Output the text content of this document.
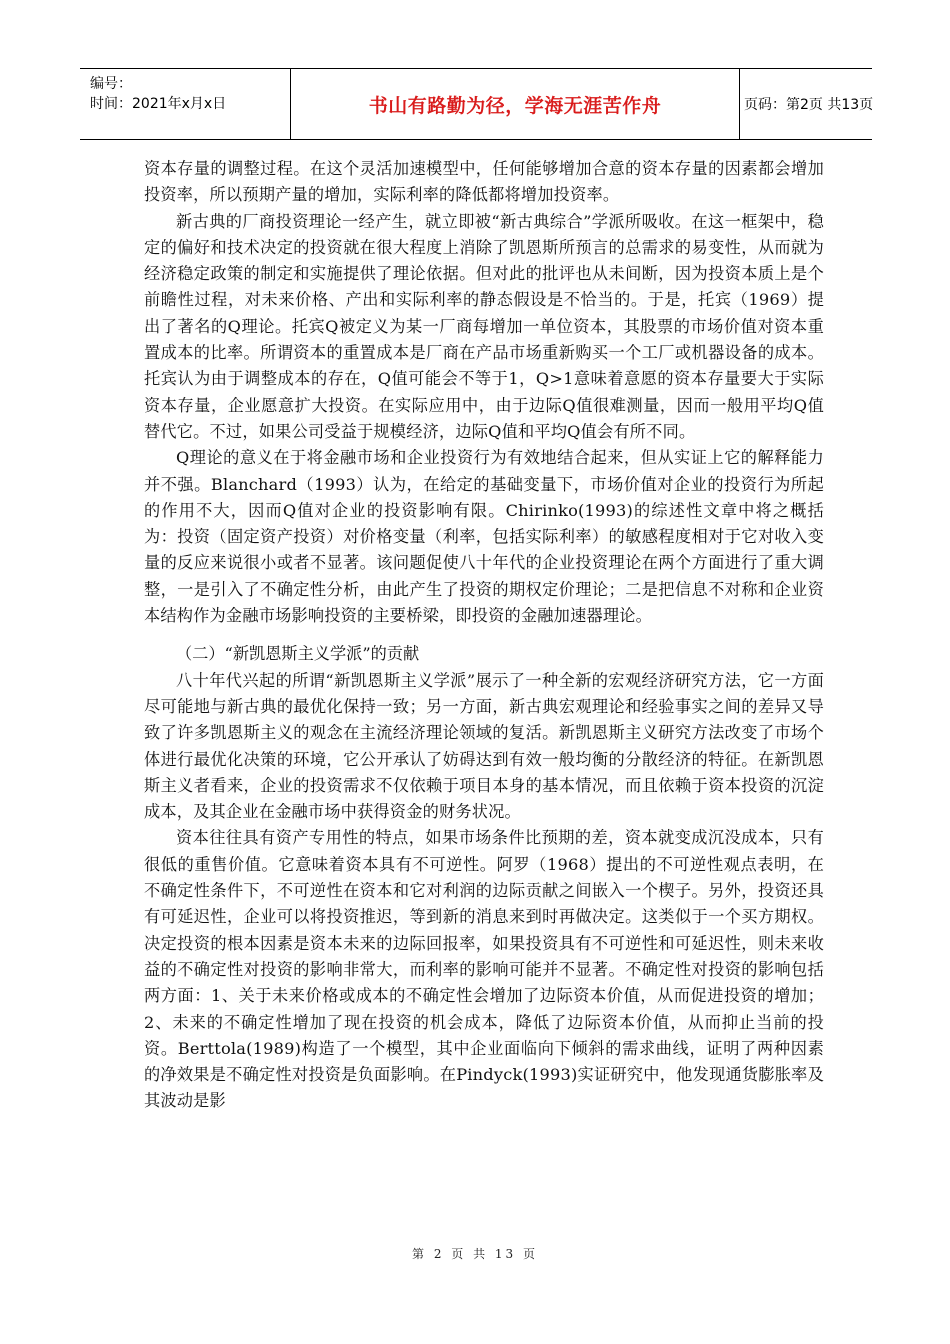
编号：
时间：2021年x月x日	书山有路勤为径，学海无涯苦作舟	页码：第2页 共13页

资本存量的调整过程。在这个灵活加速模型中，任何能够增加合意的资本存量的因素都会增加投资率，所以预期产量的增加，实际利率的降低都将增加投资率。

新古典的厂商投资理论一经产生，就立即被“新古典综合”学派所吸收。在这一框架中，稳定的偏好和技术决定的投资就在很大程度上消除了凯恩斯所预言的总需求的易变性，从而就为经济稳定政策的制定和实施提供了理论依据。但对此的批评也从未间断，因为投资本质上是个前瞻性过程，对未来价格、产出和实际利率的静态假设是不恰当的。于是，托宾（1969）提出了著名的Q理论。托宾Q被定义为某一厂商每增加一单位资本，其股票的市场价值对资本重置成本的比率。所谓资本的重置成本是厂商在产品市场重新购买一个工厂或机器设备的成本。托宾认为由于调整成本的存在，Q值可能会不等于1，Q>1意味着意愿的资本存量要大于实际资本存量，企业愿意扩大投资。在实际应用中，由于边际Q值很难测量，因而一般用平均Q值替代它。不过，如果公司受益于规模经济，边际Q值和平均Q值会有所不同。

Q理论的意义在于将金融市场和企业投资行为有效地结合起来，但从实证上它的解释能力并不强。Blanchard（1993）认为，在给定的基础变量下，市场价值对企业的投资行为所起的作用不大，因而Q值对企业的投资影响有限。Chirinko(1993)的综述性文章中将之概括为：投资（固定资产投资）对价格变量（利率，包括实际利率）的敏感程度相对于它对收入变量的反应来说很小或者不显著。该问题促使八十年代的企业投资理论在两个方面进行了重大调整，一是引入了不确定性分析，由此产生了投资的期权定价理论；二是把信息不对称和企业资本结构作为金融市场影响投资的主要桥梁，即投资的金融加速器理论。

（二）“新凯恩斯主义学派”的贡献

八十年代兴起的所谓“新凯恩斯主义学派”展示了一种全新的宏观经济研究方法，它一方面尽可能地与新古典的最优化保持一致；另一方面，新古典宏观理论和经验事实之间的差异又导致了许多凯恩斯主义的观念在主流经济理论领域的复活。新凯恩斯主义研究方法改变了市场个体进行最优化决策的环境，它公开承认了妨碍达到有效一般均衡的分散经济的特征。在新凯恩斯主义者看来，企业的投资需求不仅依赖于项目本身的基本情况，而且依赖于资本投资的沉淀成本，及其企业在金融市场中获得资金的财务状况。

资本往往具有资产专用性的特点，如果市场条件比预期的差，资本就变成沉没成本，只有很低的重售价值。它意味着资本具有不可逆性。阿罗（1968）提出的不可逆性观点表明，在不确定性条件下，不可逆性在资本和它对利润的边际贡献之间嵌入一个楔子。另外，投资还具有可延迟性，企业可以将投资推迟，等到新的消息来到时再做决定。这类似于一个买方期权。决定投资的根本因素是资本未来的边际回报率，如果投资具有不可逆性和可延迟性，则未来收益的不确定性对投资的影响非常大，而利率的影响可能并不显著。不确定性对投资的影响包括两方面：1、关于未来价格或成本的不确定性会增加了边际资本价值，从而促进投资的增加；2、未来的不确定性增加了现在投资的机会成本，降低了边际资本价值，从而抑止当前的投资。Berttola(1989)构造了一个模型，其中企业面临向下倾斜的需求曲线，证明了两种因素的净效果是不确定性对投资是负面影响。在Pindyck(1993)实证研究中，他发现通货膨胀率及其波动是影

第 2 页 共 13 页
